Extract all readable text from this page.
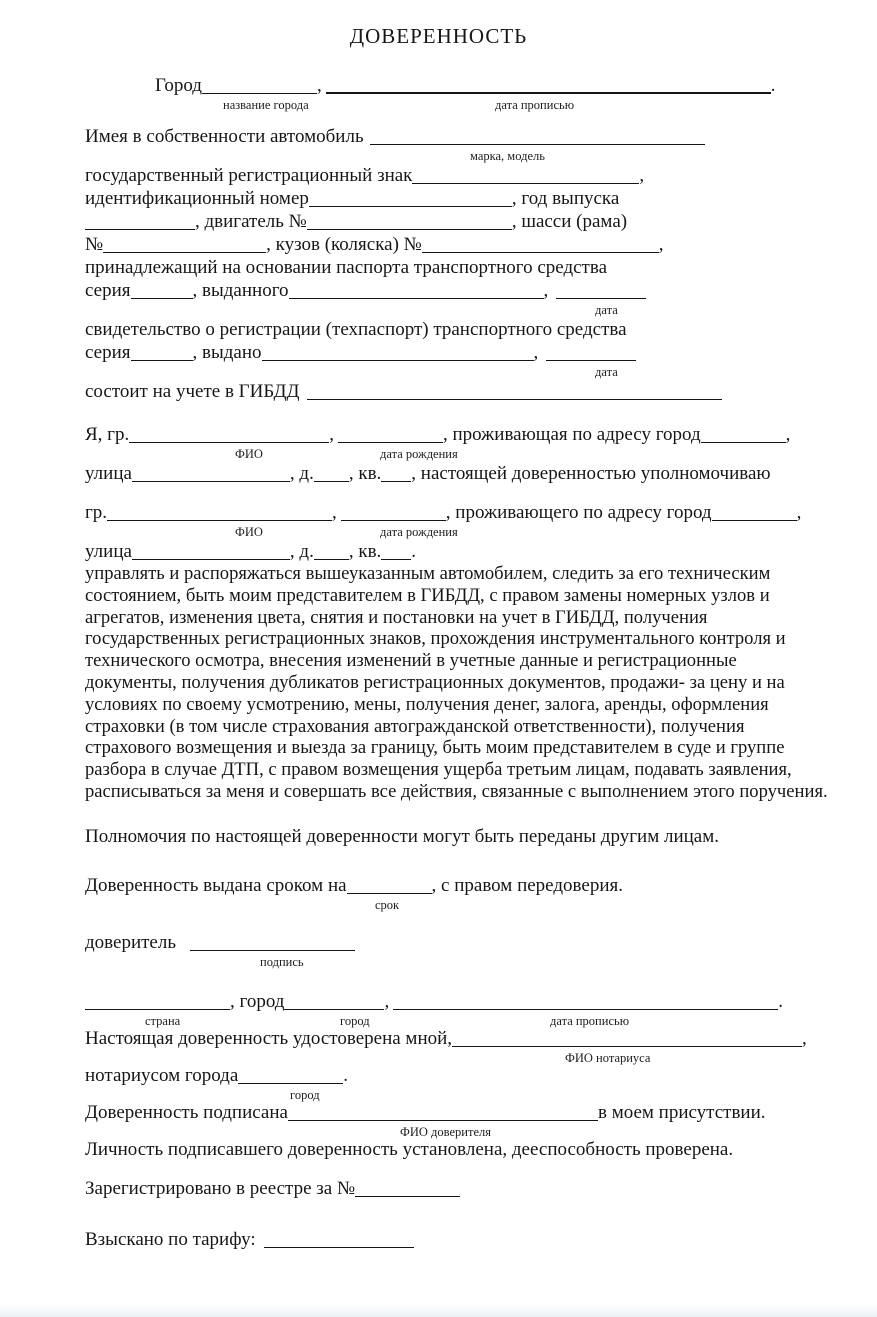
ДОВЕРЕННОСТЬ
Город	,	.
название города	дата прописью
Имея в собственности автомобиль
марка, модель
государственный регистрационный знак	,
идентификационный номер	, год выпуска
, двигатель №	, шасси (рама)
№	, кузов (коляска) №	,
принадлежащий на основании паспорта транспортного средства
серия	, выданного	,
дата
свидетельство о регистрации (техпаспорт) транспортного средства
серия	, выдано	,
дата
состоит на учете в ГИБДД
Я, гр.	,	, проживающая по адресу город	,
ФИО	дата рождения
улица	, д. , кв. , настоящей доверенностью уполномочиваю
гр.	,	, проживающего по адресу город	,
ФИО	дата рождения
улица	, д. , кв. .
управлять и распоряжаться вышеуказанным автомобилем, следить за его техническим
состоянием, быть моим представителем в ГИБДД, с правом замены номерных узлов и
агрегатов, изменения цвета, снятия и постановки на учет в ГИБДД, получения
государственных регистрационных знаков, прохождения инструментального контроля и
технического осмотра, внесения изменений в учетные данные и регистрационные
документы, получения дубликатов регистрационных документов, продажи- за цену и на
условиях по своему усмотрению, мены, получения денег, залога, аренды, оформления
страховки (в том числе страхования автогражданской ответственности), получения
страхового возмещения и выезда за границу, быть моим представителем в суде и группе
разбора в случае ДТП, с правом возмещения ущерба третьим лицам, подавать заявления,
расписываться за меня и совершать все действия, связанные с выполнением этого поручения.
Полномочия по настоящей доверенности могут быть переданы другим лицам.
Доверенность выдана сроком на	, с правом передоверия.
срок
доверитель
подпись
, город	,	.
страна	город	дата прописью
Настоящая доверенность удостоверена мной,	,
ФИО нотариуса
нотариусом города	.
город
Доверенность подписана	в моем присутствии.
ФИО доверителя
Личность подписавшего доверенность установлена, дееспособность проверена.
Зарегистрировано в реестре за №
Взыскано по тарифу:
